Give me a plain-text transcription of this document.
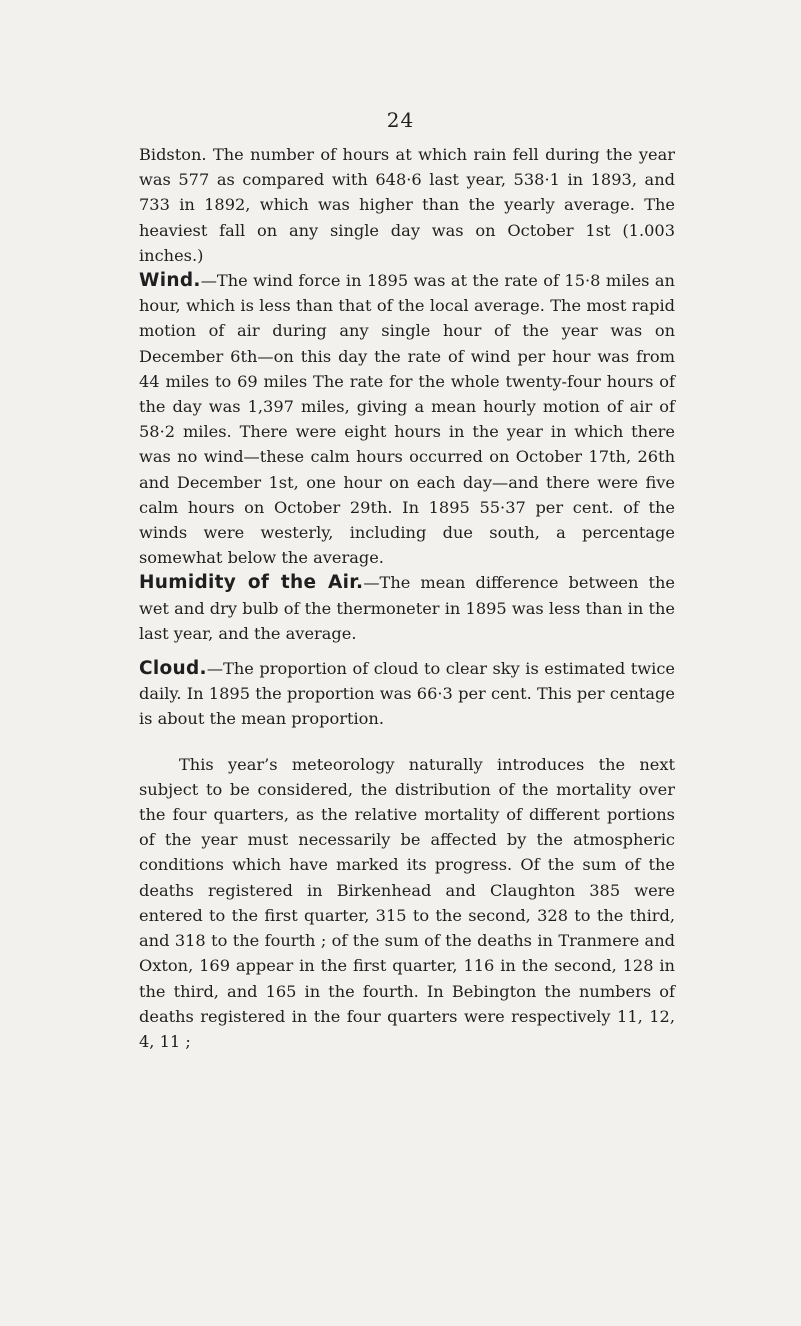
24

Bidston. The number of hours at which rain fell during the year was 577 as compared with 648·6 last year, 538·1 in 1893, and 733 in 1892, which was higher than the yearly average. The heaviest fall on any single day was on October 1st (1.003 inches.)

Wind.—The wind force in 1895 was at the rate of 15·8 miles an hour, which is less than that of the local average. The most rapid motion of air during any single hour of the year was on December 6th—on this day the rate of wind per hour was from 44 miles to 69 miles The rate for the whole twenty-four hours of the day was 1,397 miles, giving a mean hourly motion of air of 58·2 miles. There were eight hours in the year in which there was no wind—these calm hours occurred on October 17th, 26th and December 1st, one hour on each day—and there were five calm hours on October 29th. In 1895 55·37 per cent. of the winds were westerly, including due south, a percentage somewhat below the average.

Humidity of the Air.—The mean difference between the wet and dry bulb of the thermoneter in 1895 was less than in the last year, and the average.

Cloud.—The proportion of cloud to clear sky is estimated twice daily. In 1895 the proportion was 66·3 per cent. This per centage is about the mean proportion.

This year’s meteorology naturally introduces the next subject to be considered, the distribution of the mortality over the four quarters, as the relative mortality of different portions of the year must necessarily be affected by the atmospheric conditions which have marked its progress. Of the sum of the deaths registered in Birkenhead and Claughton 385 were entered to the first quarter, 315 to the second, 328 to the third, and 318 to the fourth ; of the sum of the deaths in Tranmere and Oxton, 169 appear in the first quarter, 116 in the second, 128 in the third, and 165 in the fourth. In Bebington the numbers of deaths registered in the four quarters were respectively 11, 12, 4, 11 ;
